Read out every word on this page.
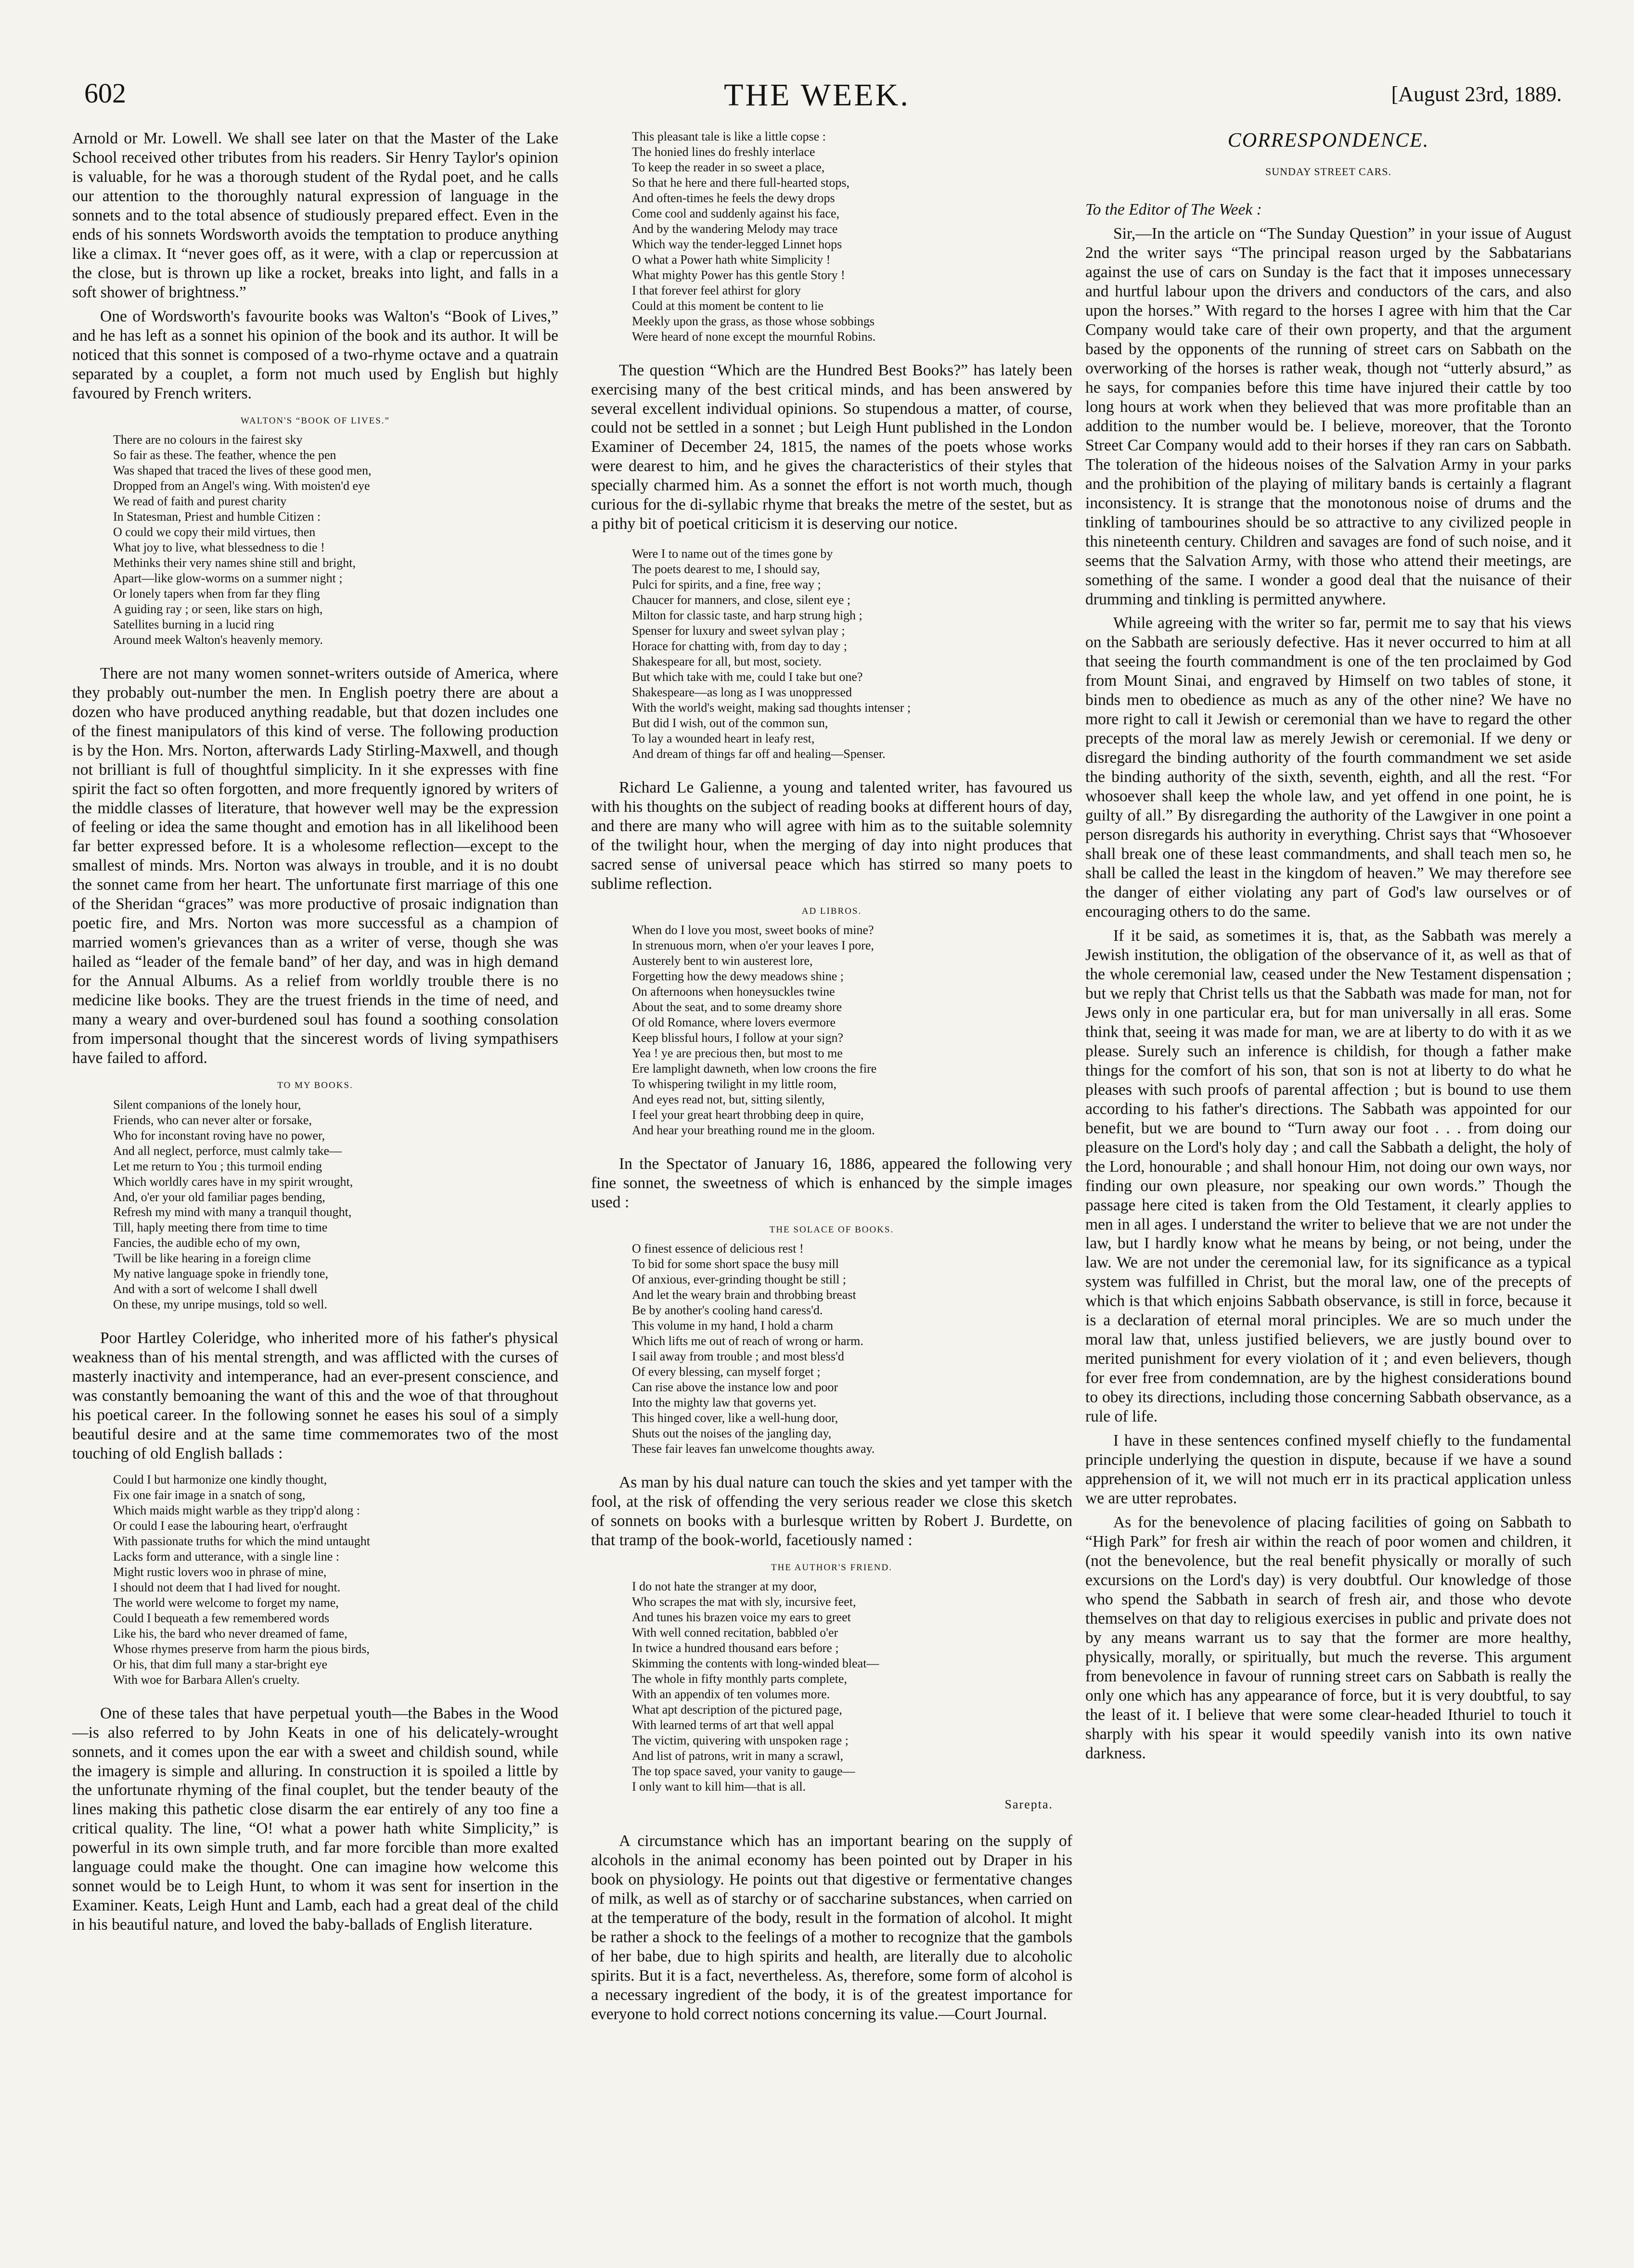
602	THE WEEK.	[August 23rd, 1889.

Arnold or Mr. Lowell. We shall see later on that the Master of the Lake School received other tributes from his readers. Sir Henry Taylor's opinion is valuable, for he was a thorough student of the Rydal poet, and he calls our attention to the thoroughly natural expression of language in the sonnets and to the total absence of studiously prepared effect. Even in the ends of his sonnets Wordsworth avoids the temptation to produce anything like a climax. It “never goes off, as it were, with a clap or repercussion at the close, but is thrown up like a rocket, breaks into light, and falls in a soft shower of brightness.”

One of Wordsworth's favourite books was Walton's “Book of Lives,” and he has left as a sonnet his opinion of the book and its author. It will be noticed that this sonnet is composed of a two-rhyme octave and a quatrain separated by a couplet, a form not much used by English but highly favoured by French writers.

WALTON'S “BOOK OF LIVES.”
There are no colours in the fairest sky
So fair as these. The feather, whence the pen
Was shaped that traced the lives of these good men,
Dropped from an Angel's wing. With moisten'd eye
We read of faith and purest charity
In Statesman, Priest and humble Citizen :
O could we copy their mild virtues, then
What joy to live, what blessedness to die !
Methinks their very names shine still and bright,
Apart—like glow-worms on a summer night ;
Or lonely tapers when from far they fling
A guiding ray ; or seen, like stars on high,
Satellites burning in a lucid ring
Around meek Walton's heavenly memory.

There are not many women sonnet-writers outside of America, where they probably out-number the men. In English poetry there are about a dozen who have produced anything readable, but that dozen includes one of the finest manipulators of this kind of verse. The following production is by the Hon. Mrs. Norton, afterwards Lady Stirling-Maxwell, and though not brilliant is full of thoughtful simplicity. In it she expresses with fine spirit the fact so often forgotten, and more frequently ignored by writers of the middle classes of literature, that however well may be the expression of feeling or idea the same thought and emotion has in all likelihood been far better expressed before. It is a wholesome reflection—except to the smallest of minds. Mrs. Norton was always in trouble, and it is no doubt the sonnet came from her heart. The unfortunate first marriage of this one of the Sheridan “graces” was more productive of prosaic indignation than poetic fire, and Mrs. Norton was more successful as a champion of married women's grievances than as a writer of verse, though she was hailed as “leader of the female band” of her day, and was in high demand for the Annual Albums. As a relief from worldly trouble there is no medicine like books. They are the truest friends in the time of need, and many a weary and over-burdened soul has found a soothing consolation from impersonal thought that the sincerest words of living sympathisers have failed to afford.

TO MY BOOKS.
Silent companions of the lonely hour,
Friends, who can never alter or forsake,
Who for inconstant roving have no power,
And all neglect, perforce, must calmly take—
Let me return to You ; this turmoil ending
Which worldly cares have in my spirit wrought,
And, o'er your old familiar pages bending,
Refresh my mind with many a tranquil thought,
Till, haply meeting there from time to time
Fancies, the audible echo of my own,
'Twill be like hearing in a foreign clime
My native language spoke in friendly tone,
And with a sort of welcome I shall dwell
On these, my unripe musings, told so well.

Poor Hartley Coleridge, who inherited more of his father's physical weakness than of his mental strength, and was afflicted with the curses of masterly inactivity and intemperance, had an ever-present conscience, and was constantly bemoaning the want of this and the woe of that throughout his poetical career. In the following sonnet he eases his soul of a simply beautiful desire and at the same time commemorates two of the most touching of old English ballads :

Could I but harmonize one kindly thought,
Fix one fair image in a snatch of song,
Which maids might warble as they tripp'd along :
Or could I ease the labouring heart, o'erfraught
With passionate truths for which the mind untaught
Lacks form and utterance, with a single line :
Might rustic lovers woo in phrase of mine,
I should not deem that I had lived for nought.
The world were welcome to forget my name,
Could I bequeath a few remembered words
Like his, the bard who never dreamed of fame,
Whose rhymes preserve from harm the pious birds,
Or his, that dim full many a star-bright eye
With woe for Barbara Allen's cruelty.

One of these tales that have perpetual youth—the Babes in the Wood—is also referred to by John Keats in one of his delicately-wrought sonnets, and it comes upon the ear with a sweet and childish sound, while the imagery is simple and alluring. In construction it is spoiled a little by the unfortunate rhyming of the final couplet, but the tender beauty of the lines making this pathetic close disarm the ear entirely of any too fine a critical quality. The line, “O! what a power hath white Simplicity,” is powerful in its own simple truth, and far more forcible than more exalted language could make the thought. One can imagine how welcome this sonnet would be to Leigh Hunt, to whom it was sent for insertion in the Examiner. Keats, Leigh Hunt and Lamb, each had a great deal of the child in his beautiful nature, and loved the baby-ballads of English literature.

This pleasant tale is like a little copse :
The honied lines do freshly interlace
To keep the reader in so sweet a place,
So that he here and there full-hearted stops,
And often-times he feels the dewy drops
Come cool and suddenly against his face,
And by the wandering Melody may trace
Which way the tender-legged Linnet hops
O what a Power hath white Simplicity !
What mighty Power has this gentle Story !
I that forever feel athirst for glory
Could at this moment be content to lie
Meekly upon the grass, as those whose sobbings
Were heard of none except the mournful Robins.

The question “Which are the Hundred Best Books?” has lately been exercising many of the best critical minds, and has been answered by several excellent individual opinions. So stupendous a matter, of course, could not be settled in a sonnet ; but Leigh Hunt published in the London Examiner of December 24, 1815, the names of the poets whose works were dearest to him, and he gives the characteristics of their styles that specially charmed him. As a sonnet the effort is not worth much, though curious for the di-syllabic rhyme that breaks the metre of the sestet, but as a pithy bit of poetical criticism it is deserving our notice.

Were I to name out of the times gone by
The poets dearest to me, I should say,
Pulci for spirits, and a fine, free way ;
Chaucer for manners, and close, silent eye ;
Milton for classic taste, and harp strung high ;
Spenser for luxury and sweet sylvan play ;
Horace for chatting with, from day to day ;
Shakespeare for all, but most, society.
But which take with me, could I take but one?
Shakespeare—as long as I was unoppressed
With the world's weight, making sad thoughts intenser ;
But did I wish, out of the common sun,
To lay a wounded heart in leafy rest,
And dream of things far off and healing—Spenser.

Richard Le Galienne, a young and talented writer, has favoured us with his thoughts on the subject of reading books at different hours of day, and there are many who will agree with him as to the suitable solemnity of the twilight hour, when the merging of day into night produces that sacred sense of universal peace which has stirred so many poets to sublime reflection.

AD LIBROS.
When do I love you most, sweet books of mine?
In strenuous morn, when o'er your leaves I pore,
Austerely bent to win austerest lore,
Forgetting how the dewy meadows shine ;
On afternoons when honeysuckles twine
About the seat, and to some dreamy shore
Of old Romance, where lovers evermore
Keep blissful hours, I follow at your sign?
Yea ! ye are precious then, but most to me
Ere lamplight dawneth, when low croons the fire
To whispering twilight in my little room,
And eyes read not, but, sitting silently,
I feel your great heart throbbing deep in quire,
And hear your breathing round me in the gloom.

In the Spectator of January 16, 1886, appeared the following very fine sonnet, the sweetness of which is enhanced by the simple images used :

THE SOLACE OF BOOKS.
O finest essence of delicious rest !
To bid for some short space the busy mill
Of anxious, ever-grinding thought be still ;
And let the weary brain and throbbing breast
Be by another's cooling hand caress'd.
This volume in my hand, I hold a charm
Which lifts me out of reach of wrong or harm.
I sail away from trouble ; and most bless'd
Of every blessing, can myself forget ;
Can rise above the instance low and poor
Into the mighty law that governs yet.
This hinged cover, like a well-hung door,
Shuts out the noises of the jangling day,
These fair leaves fan unwelcome thoughts away.

As man by his dual nature can touch the skies and yet tamper with the fool, at the risk of offending the very serious reader we close this sketch of sonnets on books with a burlesque written by Robert J. Burdette, on that tramp of the book-world, facetiously named :

THE AUTHOR'S FRIEND.
I do not hate the stranger at my door,
Who scrapes the mat with sly, incursive feet,
And tunes his brazen voice my ears to greet
With well conned recitation, babbled o'er
In twice a hundred thousand ears before ;
Skimming the contents with long-winded bleat—
The whole in fifty monthly parts complete,
With an appendix of ten volumes more.
What apt description of the pictured page,
With learned terms of art that well appal
The victim, quivering with unspoken rage ;
And list of patrons, writ in many a scrawl,
The top space saved, your vanity to gauge—
I only want to kill him—that is all.
Sarepta.

A circumstance which has an important bearing on the supply of alcohols in the animal economy has been pointed out by Draper in his book on physiology. He points out that digestive or fermentative changes of milk, as well as of starchy or of saccharine substances, when carried on at the temperature of the body, result in the formation of alcohol. It might be rather a shock to the feelings of a mother to recognize that the gambols of her babe, due to high spirits and health, are literally due to alcoholic spirits. But it is a fact, nevertheless. As, therefore, some form of alcohol is a necessary ingredient of the body, it is of the greatest importance for everyone to hold correct notions concerning its value.—Court Journal.

CORRESPONDENCE.
SUNDAY STREET CARS.

To the Editor of The Week :

Sir,—In the article on “The Sunday Question” in your issue of August 2nd the writer says “The principal reason urged by the Sabbatarians against the use of cars on Sunday is the fact that it imposes unnecessary and hurtful labour upon the drivers and conductors of the cars, and also upon the horses.” With regard to the horses I agree with him that the Car Company would take care of their own property, and that the argument based by the opponents of the running of street cars on Sabbath on the overworking of the horses is rather weak, though not “utterly absurd,” as he says, for companies before this time have injured their cattle by too long hours at work when they believed that was more profitable than an addition to the number would be. I believe, moreover, that the Toronto Street Car Company would add to their horses if they ran cars on Sabbath. The toleration of the hideous noises of the Salvation Army in your parks and the prohibition of the playing of military bands is certainly a flagrant inconsistency. It is strange that the monotonous noise of drums and the tinkling of tambourines should be so attractive to any civilized people in this nineteenth century. Children and savages are fond of such noise, and it seems that the Salvation Army, with those who attend their meetings, are something of the same. I wonder a good deal that the nuisance of their drumming and tinkling is permitted anywhere.

While agreeing with the writer so far, permit me to say that his views on the Sabbath are seriously defective. Has it never occurred to him at all that seeing the fourth commandment is one of the ten proclaimed by God from Mount Sinai, and engraved by Himself on two tables of stone, it binds men to obedience as much as any of the other nine? We have no more right to call it Jewish or ceremonial than we have to regard the other precepts of the moral law as merely Jewish or ceremonial. If we deny or disregard the binding authority of the fourth commandment we set aside the binding authority of the sixth, seventh, eighth, and all the rest. “For whosoever shall keep the whole law, and yet offend in one point, he is guilty of all.” By disregarding the authority of the Lawgiver in one point a person disregards his authority in everything. Christ says that “Whosoever shall break one of these least commandments, and shall teach men so, he shall be called the least in the kingdom of heaven.” We may therefore see the danger of either violating any part of God's law ourselves or of encouraging others to do the same.

If it be said, as sometimes it is, that, as the Sabbath was merely a Jewish institution, the obligation of the observance of it, as well as that of the whole ceremonial law, ceased under the New Testament dispensation ; but we reply that Christ tells us that the Sabbath was made for man, not for Jews only in one particular era, but for man universally in all eras. Some think that, seeing it was made for man, we are at liberty to do with it as we please. Surely such an inference is childish, for though a father make things for the comfort of his son, that son is not at liberty to do what he pleases with such proofs of parental affection ; but is bound to use them according to his father's directions. The Sabbath was appointed for our benefit, but we are bound to “Turn away our foot . . . from doing our pleasure on the Lord's holy day ; and call the Sabbath a delight, the holy of the Lord, honourable ; and shall honour Him, not doing our own ways, nor finding our own pleasure, nor speaking our own words.” Though the passage here cited is taken from the Old Testament, it clearly applies to men in all ages. I understand the writer to believe that we are not under the law, but I hardly know what he means by being, or not being, under the law. We are not under the ceremonial law, for its significance as a typical system was fulfilled in Christ, but the moral law, one of the precepts of which is that which enjoins Sabbath observance, is still in force, because it is a declaration of eternal moral principles. We are so much under the moral law that, unless justified believers, we are justly bound over to merited punishment for every violation of it ; and even believers, though for ever free from condemnation, are by the highest considerations bound to obey its directions, including those concerning Sabbath observance, as a rule of life.

I have in these sentences confined myself chiefly to the fundamental principle underlying the question in dispute, because if we have a sound apprehension of it, we will not much err in its practical application unless we are utter reprobates.

As for the benevolence of placing facilities of going on Sabbath to “High Park” for fresh air within the reach of poor women and children, it (not the benevolence, but the real benefit physically or morally of such excursions on the Lord's day) is very doubtful. Our knowledge of those who spend the Sabbath in search of fresh air, and those who devote themselves on that day to religious exercises in public and private does not by any means warrant us to say that the former are more healthy, physically, morally, or spiritually, but much the reverse. This argument from benevolence in favour of running street cars on Sabbath is really the only one which has any appearance of force, but it is very doubtful, to say the least of it. I believe that were some clear-headed Ithuriel to touch it sharply with his spear it would speedily vanish into its own native darkness.
